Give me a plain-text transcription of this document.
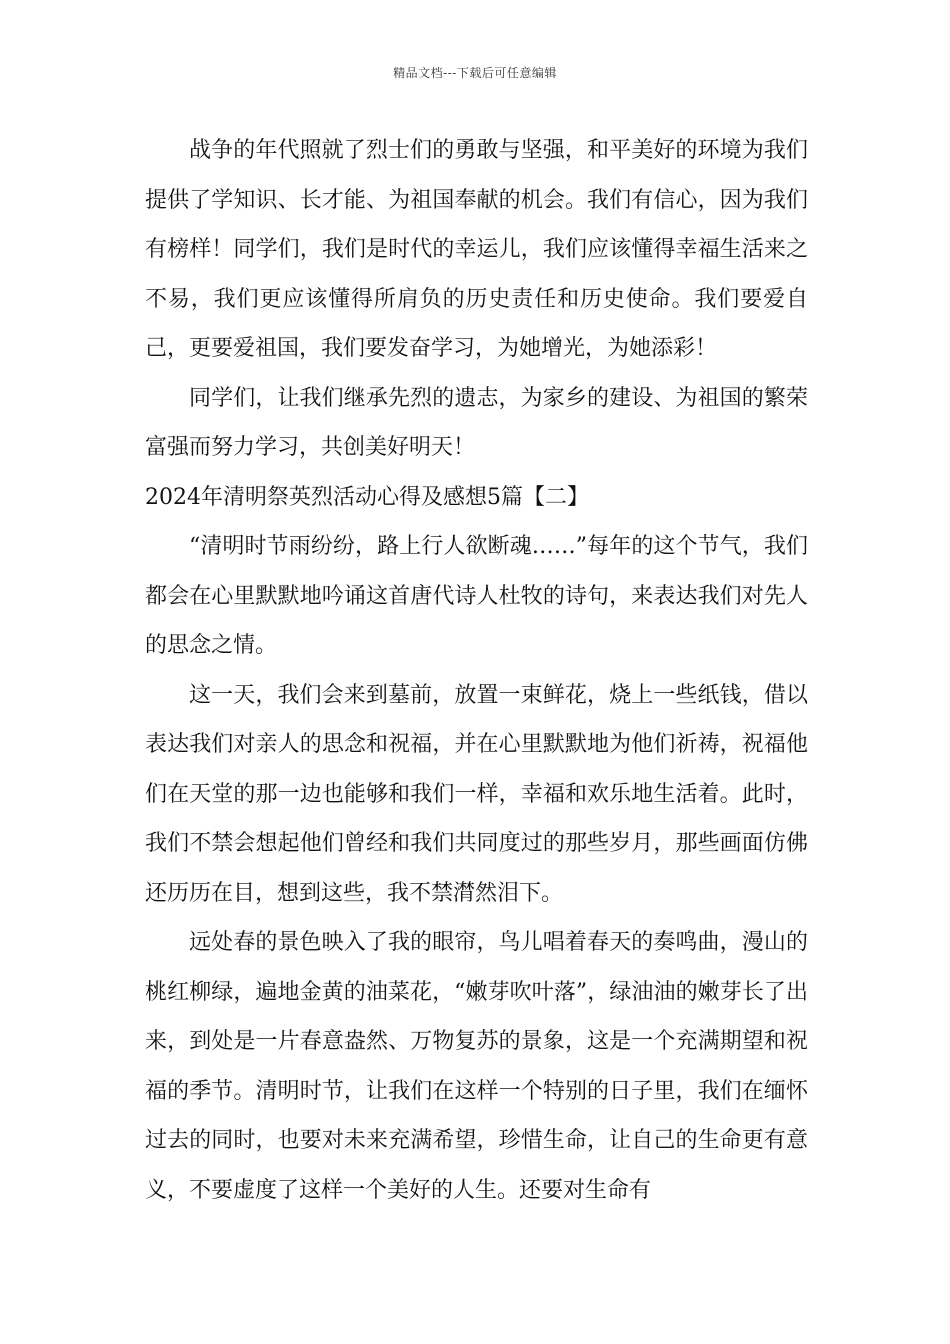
精品文档---下载后可任意编辑

战争的年代照就了烈士们的勇敢与坚强，和平美好的环境为我们提供了学知识、长才能、为祖国奉献的机会。我们有信心，因为我们有榜样！同学们，我们是时代的幸运儿，我们应该懂得幸福生活来之不易，我们更应该懂得所肩负的历史责任和历史使命。我们要爱自己，更要爱祖国，我们要发奋学习，为她增光，为她添彩！

同学们，让我们继承先烈的遗志，为家乡的建设、为祖国的繁荣富强而努力学习，共创美好明天！

2024年清明祭英烈活动心得及感想5篇【二】

“清明时节雨纷纷，路上行人欲断魂……”每年的这个节气，我们都会在心里默默地吟诵这首唐代诗人杜牧的诗句，来表达我们对先人的思念之情。

这一天，我们会来到墓前，放置一束鲜花，烧上一些纸钱，借以表达我们对亲人的思念和祝福，并在心里默默地为他们祈祷，祝福他们在天堂的那一边也能够和我们一样，幸福和欢乐地生活着。此时，我们不禁会想起他们曾经和我们共同度过的那些岁月，那些画面仿佛还历历在目，想到这些，我不禁潸然泪下。

远处春的景色映入了我的眼帘，鸟儿唱着春天的奏鸣曲，漫山的桃红柳绿，遍地金黄的油菜花，“嫩芽吹叶落”，绿油油的嫩芽长了出来，到处是一片春意盎然、万物复苏的景象，这是一个充满期望和祝福的季节。清明时节，让我们在这样一个特别的日子里，我们在缅怀过去的同时，也要对未来充满希望，珍惜生命，让自己的生命更有意义，不要虚度了这样一个美好的人生。还要对生命有
